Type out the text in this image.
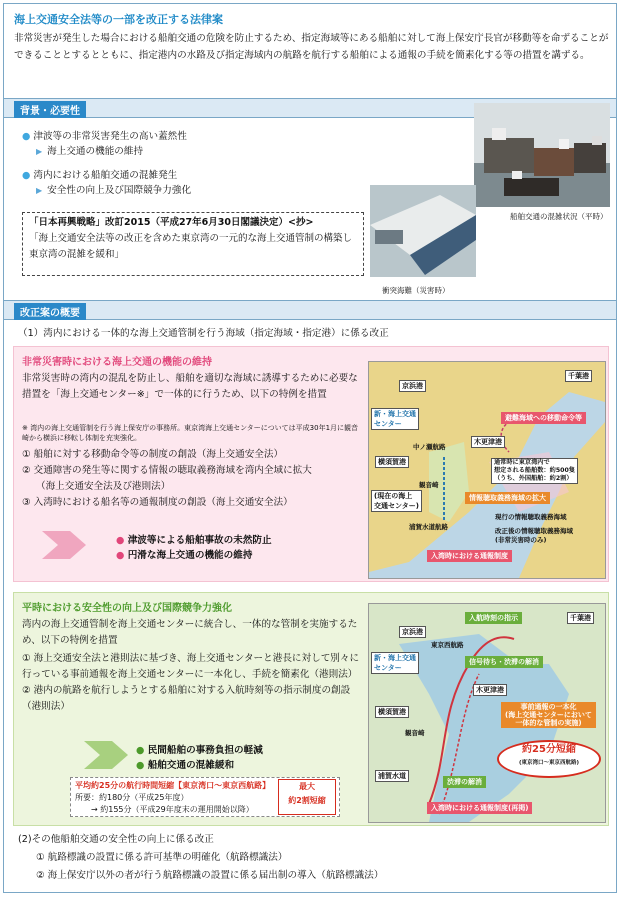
海上交通安全法等の一部を改正する法律案
非常災害が発生した場合における船舶交通の危険を防止するため、指定海域等にある船舶に対して海上保安庁長官が移動等を命ずることができることとするとともに、指定港内の水路及び指定海域内の航路を航行する船舶による通報の手続を簡素化する等の措置を講ずる。
背景・必要性
● 津波等の非常災害発生の高い蓋然性
▶ 海上交通の機能の維持
● 湾内における船舶交通の混雑発生
▶ 安全性の向上及び国際競争力強化
「日本再興戦略」改訂2015（平成27年6月30日閣議決定）<抄>
「海上交通安全法等の改正を含めた東京湾の一元的な海上交通管制の構築し東京湾の混雑を緩和」
船舶交通の混雑状況（平時）
衝突海難（災害時）
改正案の概要
（1）湾内における一体的な海上交通管制を行う海域（指定海域・指定港）に係る改正
非常災害時における海上交通の機能の維持
非常災害時の湾内の混乱を防止し、船舶を適切な海域に誘導するために必要な措置を「海上交通センター※」で一体的に行うため、以下の特例を措置
※ 湾内の海上交通管制を行う海上保安庁の事務所。東京湾海上交通センターについては平成30年1月に観音崎から横浜に移転し体制を充実強化。
① 船舶に対する移動命令等の制度の創設（海上交通安全法）
② 交通障害の発生等に関する情報の聴取義務海域を湾内全域に拡大
（海上交通安全法及び港則法）
③ 入湾時における船名等の通報制度の創設（海上交通安全法）
● 津波等による船舶事故の未然防止
● 円滑な海上交通の機能の維持
京浜港
千葉港
新・海上交通
センター
避難海域への移動命令等
中ノ瀬航路
横須賀港
木更津港
通常時に東京湾内で
想定される船舶数：約500隻
（うち、外国船舶：約2割）
観音崎
(現在の海上
交通センター)
情報聴取義務海域の拡大
現行の情報聴取義務海域
改正後の情報聴取義務海域
(非常災害時のみ)
浦賀水道航路
入湾時における通報制度
平時における安全性の向上及び国際競争力強化
湾内の海上交通管制を海上交通センターに統合し、一体的な管制を実施するため、以下の特例を措置
① 海上交通安全法と港則法に基づき、海上交通センターと港長に対して別々に行っている事前通報を海上交通センターに一本化し、手続を簡素化（港則法）
② 港内の航路を航行しようとする船舶に対する入航時刻等の指示制度の創設（港則法）
● 民間船舶の事務負担の軽減
● 船舶交通の混雑緩和
平均約25分の航行時間短縮【東京湾口～東京西航路】
所要：約180分（平成25年度）
→ 約155分（平成29年度末の運用開始以降）
最大
約2割短縮
入航時刻の指示	千葉港
京浜港
東京西航路
新・海上交通
センター
信号待ち・渋滞の解消
木更津港
横須賀港
事前通報の一本化
(海上交通センターにおいて
一体的な管制の実施)
観音崎
約25分短縮
(東京湾口～東京西航路)
浦賀水道
渋滞の解消
入湾時における通報制度(再掲)
(2)その他船舶交通の安全性の向上に係る改正
① 航路標識の設置に係る許可基準の明確化（航路標識法）
② 海上保安庁以外の者が行う航路標識の設置に係る届出制の導入（航路標識法）
